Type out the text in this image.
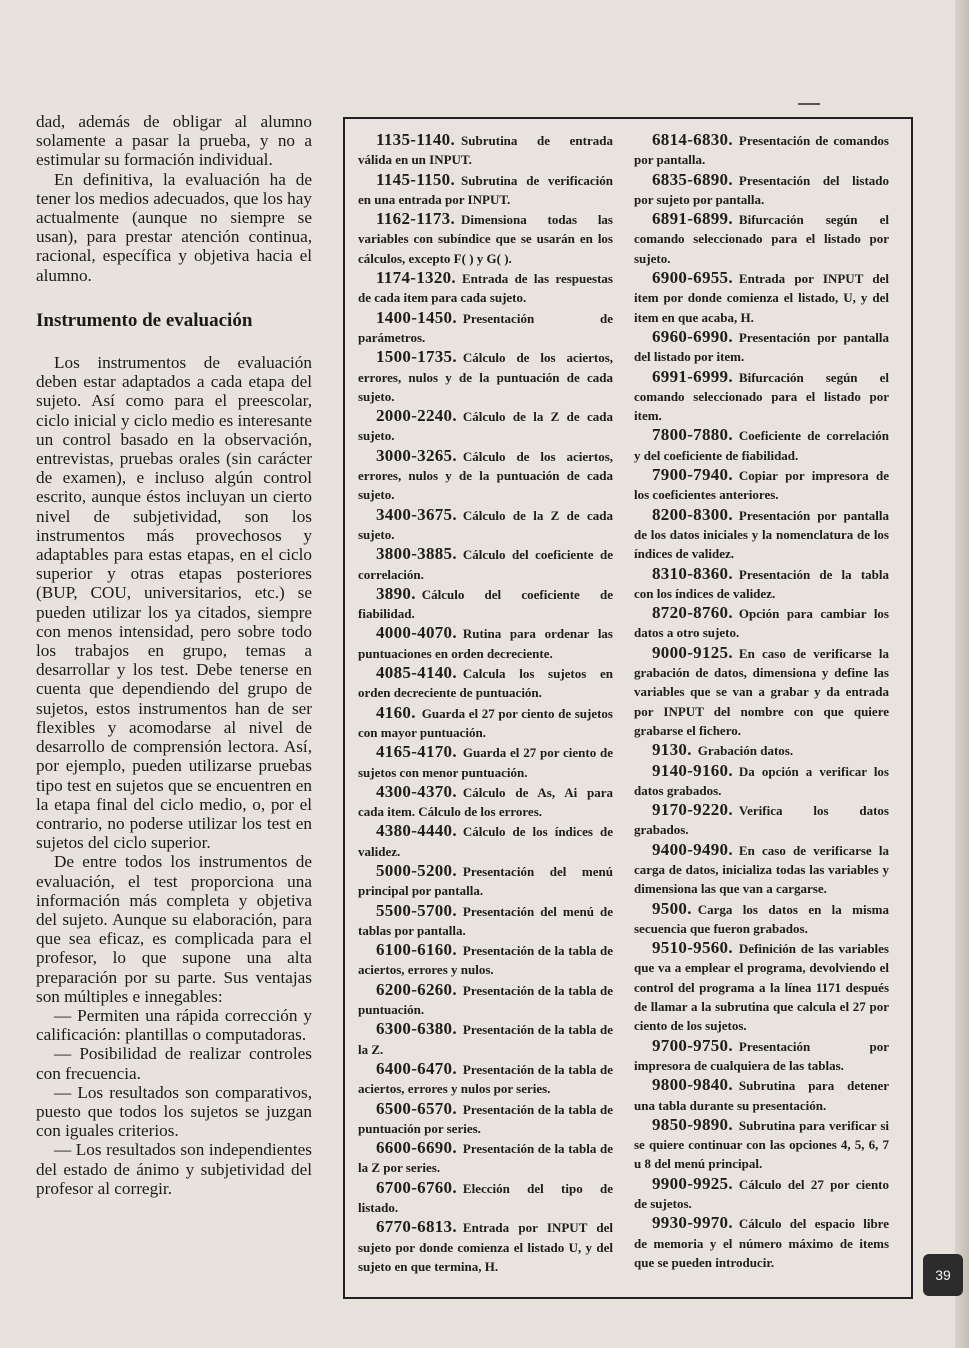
dad, además de obligar al alumno solamente a pasar la prueba, y no a estimular su formación individual.

En definitiva, la evaluación ha de tener los medios adecuados, que los hay actualmente (aunque no siempre se usan), para prestar atención continua, racional, específica y objetiva hacia el alumno.

Instrumento de evaluación

Los instrumentos de evaluación deben estar adaptados a cada etapa del sujeto. Así como para el preescolar, ciclo inicial y ciclo medio es interesante un control basado en la observación, entrevistas, pruebas orales (sin carácter de examen), e incluso algún control escrito, aunque éstos incluyan un cierto nivel de subjetividad, son los instrumentos más provechosos y adaptables para estas etapas, en el ciclo superior y otras etapas posteriores (BUP, COU, universitarios, etc.) se pueden utilizar los ya citados, siempre con menos intensidad, pero sobre todo los trabajos en grupo, temas a desarrollar y los test. Debe tenerse en cuenta que dependiendo del grupo de sujetos, estos instrumentos han de ser flexibles y acomodarse al nivel de desarrollo de comprensión lectora. Así, por ejemplo, pueden utilizarse pruebas tipo test en sujetos que se encuentren en la etapa final del ciclo medio, o, por el contrario, no poderse utilizar los test en sujetos del ciclo superior.

De entre todos los instrumentos de evaluación, el test proporciona una información más completa y objetiva del sujeto. Aunque su elaboración, para que sea eficaz, es complicada para el profesor, lo que supone una alta preparación por su parte. Sus ventajas son múltiples e innegables:

— Permiten una rápida corrección y calificación: plantillas o computadoras.

— Posibilidad de realizar controles con frecuencia.

— Los resultados son comparativos, puesto que todos los sujetos se juzgan con iguales criterios.

— Los resultados son independientes del estado de ánimo y subjetividad del profesor al corregir.

1135-1140. Subrutina de entrada válida en un INPUT.

1145-1150. Subrutina de verificación en una entrada por INPUT.

1162-1173. Dimensiona todas las variables con subíndice que se usarán en los cálculos, excepto F( ) y G( ).

1174-1320. Entrada de las respuestas de cada item para cada sujeto.

1400-1450. Presentación de parámetros.

1500-1735. Cálculo de los aciertos, errores, nulos y de la puntuación de cada sujeto.

2000-2240. Cálculo de la Z de cada sujeto.

3000-3265. Cálculo de los aciertos, errores, nulos y de la puntuación de cada sujeto.

3400-3675. Cálculo de la Z de cada sujeto.

3800-3885. Cálculo del coeficiente de correlación.

3890. Cálculo del coeficiente de fiabilidad.

4000-4070. Rutina para ordenar las puntuaciones en orden decreciente.

4085-4140. Calcula los sujetos en orden decreciente de puntuación.

4160. Guarda el 27 por ciento de sujetos con mayor puntuación.

4165-4170. Guarda el 27 por ciento de sujetos con menor puntuación.

4300-4370. Cálculo de As, Ai para cada item. Cálculo de los errores.

4380-4440. Cálculo de los índices de validez.

5000-5200. Presentación del menú principal por pantalla.

5500-5700. Presentación del menú de tablas por pantalla.

6100-6160. Presentación de la tabla de aciertos, errores y nulos.

6200-6260. Presentación de la tabla de puntuación.

6300-6380. Presentación de la tabla de la Z.

6400-6470. Presentación de la tabla de aciertos, errores y nulos por series.

6500-6570. Presentación de la tabla de puntuación por series.

6600-6690. Presentación de la tabla de la Z por series.

6700-6760. Elección del tipo de listado.

6770-6813. Entrada por INPUT del sujeto por donde comienza el listado U, y del sujeto en que termina, H.

6814-6830. Presentación de comandos por pantalla.

6835-6890. Presentación del listado por sujeto por pantalla.

6891-6899. Bifurcación según el comando seleccionado para el listado por sujeto.

6900-6955. Entrada por INPUT del item por donde comienza el listado, U, y del item en que acaba, H.

6960-6990. Presentación por pantalla del listado por item.

6991-6999. Bifurcación según el comando seleccionado para el listado por item.

7800-7880. Coeficiente de correlación y del coeficiente de fiabilidad.

7900-7940. Copiar por impresora de los coeficientes anteriores.

8200-8300. Presentación por pantalla de los datos iniciales y la nomenclatura de los índices de validez.

8310-8360. Presentación de la tabla con los índices de validez.

8720-8760. Opción para cambiar los datos a otro sujeto.

9000-9125. En caso de verificarse la grabación de datos, dimensiona y define las variables que se van a grabar y da entrada por INPUT del nombre con que quiere grabarse el fichero.

9130. Grabación datos.

9140-9160. Da opción a verificar los datos grabados.

9170-9220. Verifica los datos grabados.

9400-9490. En caso de verificarse la carga de datos, inicializa todas las variables y dimensiona las que van a cargarse.

9500. Carga los datos en la misma secuencia que fueron grabados.

9510-9560. Definición de las variables que va a emplear el programa, devolviendo el control del programa a la línea 1171 después de llamar a la subrutina que calcula el 27 por ciento de los sujetos.

9700-9750. Presentación por impresora de cualquiera de las tablas.

9800-9840. Subrutina para detener una tabla durante su presentación.

9850-9890. Subrutina para verificar si se quiere continuar con las opciones 4, 5, 6, 7 u 8 del menú principal.

9900-9925. Cálculo del 27 por ciento de sujetos.

9930-9970. Cálculo del espacio libre de memoria y el número máximo de items que se pueden introducir.

39
